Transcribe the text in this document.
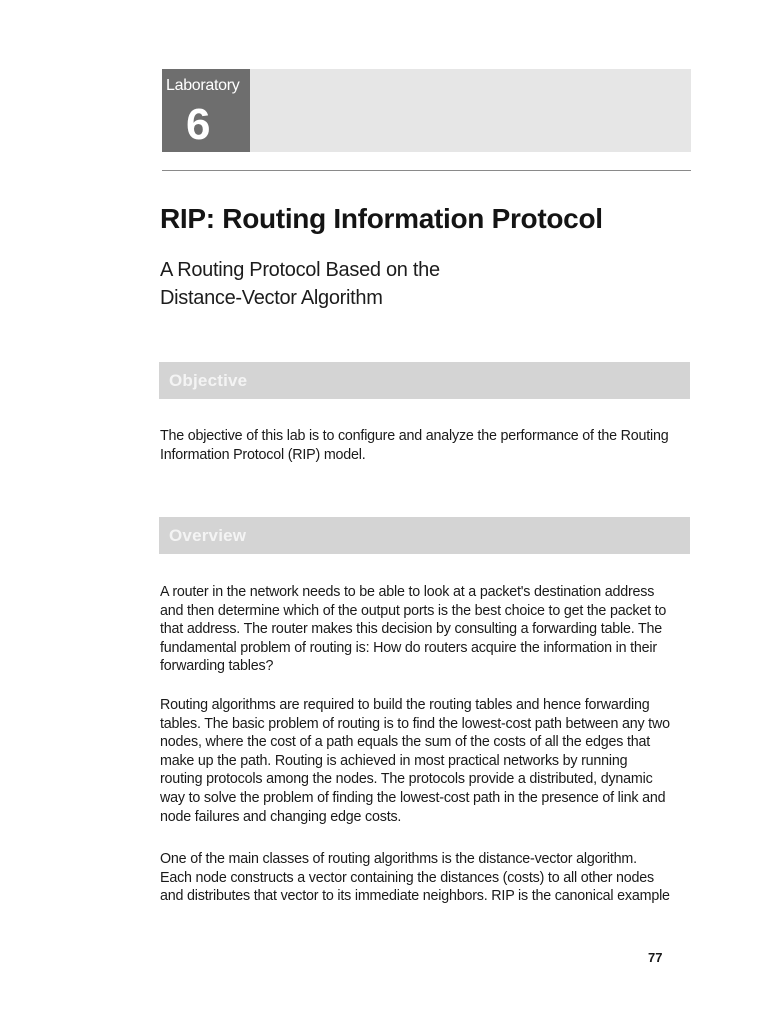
Laboratory
6
RIP: Routing Information Protocol
A Routing Protocol Based on the
Distance-Vector Algorithm
Objective

The objective of this lab is to configure and analyze the performance of the Routing
Information Protocol (RIP) model.

Overview

A router in the network needs to be able to look at a packet's destination address
and then determine which of the output ports is the best choice to get the packet to
that address. The router makes this decision by consulting a forwarding table. The
fundamental problem of routing is: How do routers acquire the information in their
forwarding tables?

Routing algorithms are required to build the routing tables and hence forwarding
tables. The basic problem of routing is to find the lowest-cost path between any two
nodes, where the cost of a path equals the sum of the costs of all the edges that
make up the path. Routing is achieved in most practical networks by running
routing protocols among the nodes. The protocols provide a distributed, dynamic
way to solve the problem of finding the lowest-cost path in the presence of link and
node failures and changing edge costs.

One of the main classes of routing algorithms is the distance-vector algorithm.
Each node constructs a vector containing the distances (costs) to all other nodes
and distributes that vector to its immediate neighbors. RIP is the canonical example

77
